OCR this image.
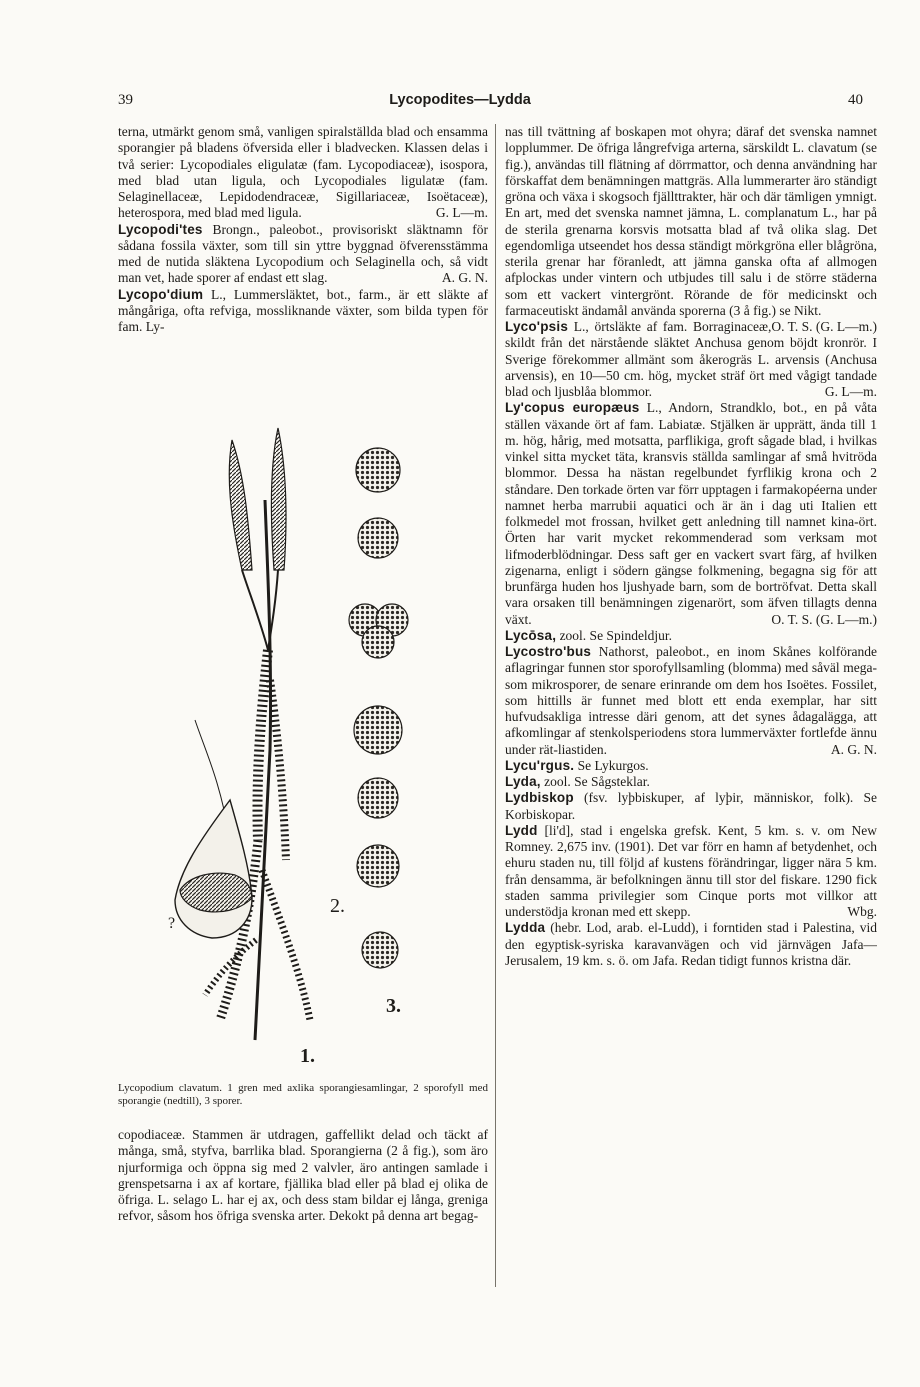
39	Lycopodites—Lydda	40
terna, utmärkt genom små, vanligen spiralställda blad och ensamma sporangier på bladens öfversida eller i bladvecken. Klassen delas i två serier: Lycopodiales eligulatæ (fam. Lycopodiaceæ), isospora, med blad utan ligula, och Lycopodiales ligulatæ (fam. Selaginellaceæ, Lepidodendraceæ, Sigillariaceæ, Isoëtaceæ), heterospora, med blad med ligula.	G. L—m.
Lycopodi'tes Brongn., paleobot., provisoriskt släktnamn för sådana fossila växter, som till sin yttre byggnad öfverensstämma med de nutida släktena Lycopodium och Selaginella och, så vidt man vet, hade sporer af endast ett slag.	A. G. N.
Lycopo'dium L., Lummersläktet, bot., farm., är ett släkte af mångåriga, ofta refviga, mossliknande växter, som bilda typen för fam. Ly-
2.
3.
1.
?
Lycopodium clavatum. 1 gren med axlika sporangiesamlingar, 2 sporofyll med sporangie (nedtill), 3 sporer.
copodiaceæ. Stammen är utdragen, gaffellikt delad och täckt af många, små, styfva, barrlika blad. Sporangierna (2 å fig.), som äro njurformiga och öppna sig med 2 valvler, äro antingen samlade i grenspetsarna i ax af kortare, fjällika blad eller på blad ej olika de öfriga. L. selago L. har ej ax, och dess stam bildar ej långa, greniga refvor, såsom hos öfriga svenska arter. Dekokt på denna art begag-
nas till tvättning af boskapen mot ohyra; däraf det svenska namnet lopplummer. De öfriga långrefviga arterna, särskildt L. clavatum (se fig.), användas till flätning af dörrmattor, och denna användning har förskaffat dem benämningen mattgräs. Alla lummerarter äro ständigt gröna och växa i skogsoch fjällttrakter, här och där tämligen ymnigt. En art, med det svenska namnet jämna, L. complanatum L., har på de sterila grenarna korsvis motsatta blad af två olika slag. Det egendomliga utseendet hos dessa ständigt mörkgröna eller blågröna, sterila grenar har föranledt, att jämna ganska ofta af allmogen afplockas under vintern och utbjudes till salu i de större städerna som ett vackert vintergrönt. Rörande de för medicinskt och farmaceutiskt ändamål använda sporerna (3 å fig.) se Nikt.
O. T. S. (G. L—m.)
Lyco'psis L., örtsläkte af fam. Borraginaceæ, skildt från det närstående släktet Anchusa genom böjdt kronrör. I Sverige förekommer allmänt som åkerogräs L. arvensis (Anchusa arvensis), en 10—50 cm. hög, mycket sträf ört med vågigt tandade blad och ljusblåa blommor.	G. L—m.
Ly'copus europæus L., Andorn, Strandklo, bot., en på våta ställen växande ört af fam. Labiatæ. Stjälken är upprätt, ända till 1 m. hög, hårig, med motsatta, parflikiga, groft sågade blad, i hvilkas vinkel sitta mycket täta, kransvis ställda samlingar af små hvitröda blommor. Dessa ha nästan regelbundet fyrflikig krona och 2 ståndare. Den torkade örten var förr upptagen i farmakopéerna under namnet herba marrubii aquatici och är än i dag uti Italien ett folkmedel mot frossan, hvilket gett anledning till namnet kina-ört. Örten har varit mycket rekommenderad som verksam mot lifmoderblödningar. Dess saft ger en vackert svart färg, af hvilken zigenarna, enligt i södern gängse folkmening, begagna sig för att brunfärga huden hos ljushyade barn, som de bortröfvat. Detta skall vara orsaken till benämningen zigenarört, som äfven tillagts denna växt.	O. T. S. (G. L—m.)
Lycōsa, zool. Se Spindeldjur.
Lycostro'bus Nathorst, paleobot., en inom Skånes kolförande aflagringar funnen stor sporofyllsamling (blomma) med såväl mega- som mikrosporer, de senare erinrande om dem hos Isoëtes. Fossilet, som hittills är funnet med blott ett enda exemplar, har sitt hufvudsakliga intresse däri genom, att det synes ådagalägga, att afkomlingar af stenkolsperiodens stora lummerväxter fortlefde ännu under rät-liastiden.	A. G. N.
Lycu'rgus. Se Lykurgos.
Lyda, zool. Se Sågsteklar.
Lydbiskop (fsv. lyþbiskuper, af lyþir, människor, folk). Se Korbiskopar.
Lydd [li'd], stad i engelska grefsk. Kent, 5 km. s. v. om New Romney. 2,675 inv. (1901). Det var förr en hamn af betydenhet, och ehuru staden nu, till följd af kustens förändringar, ligger nära 5 km. från densamma, är befolkningen ännu till stor del fiskare. 1290 fick staden samma privilegier som Cinque ports mot villkor att understödja kronan med ett skepp.	Wbg.
Lydda (hebr. Lod, arab. el-Ludd), i forntiden stad i Palestina, vid den egyptisk-syriska karavanvägen och vid järnvägen Jafa—Jerusalem, 19 km. s. ö. om Jafa. Redan tidigt funnos kristna där.
